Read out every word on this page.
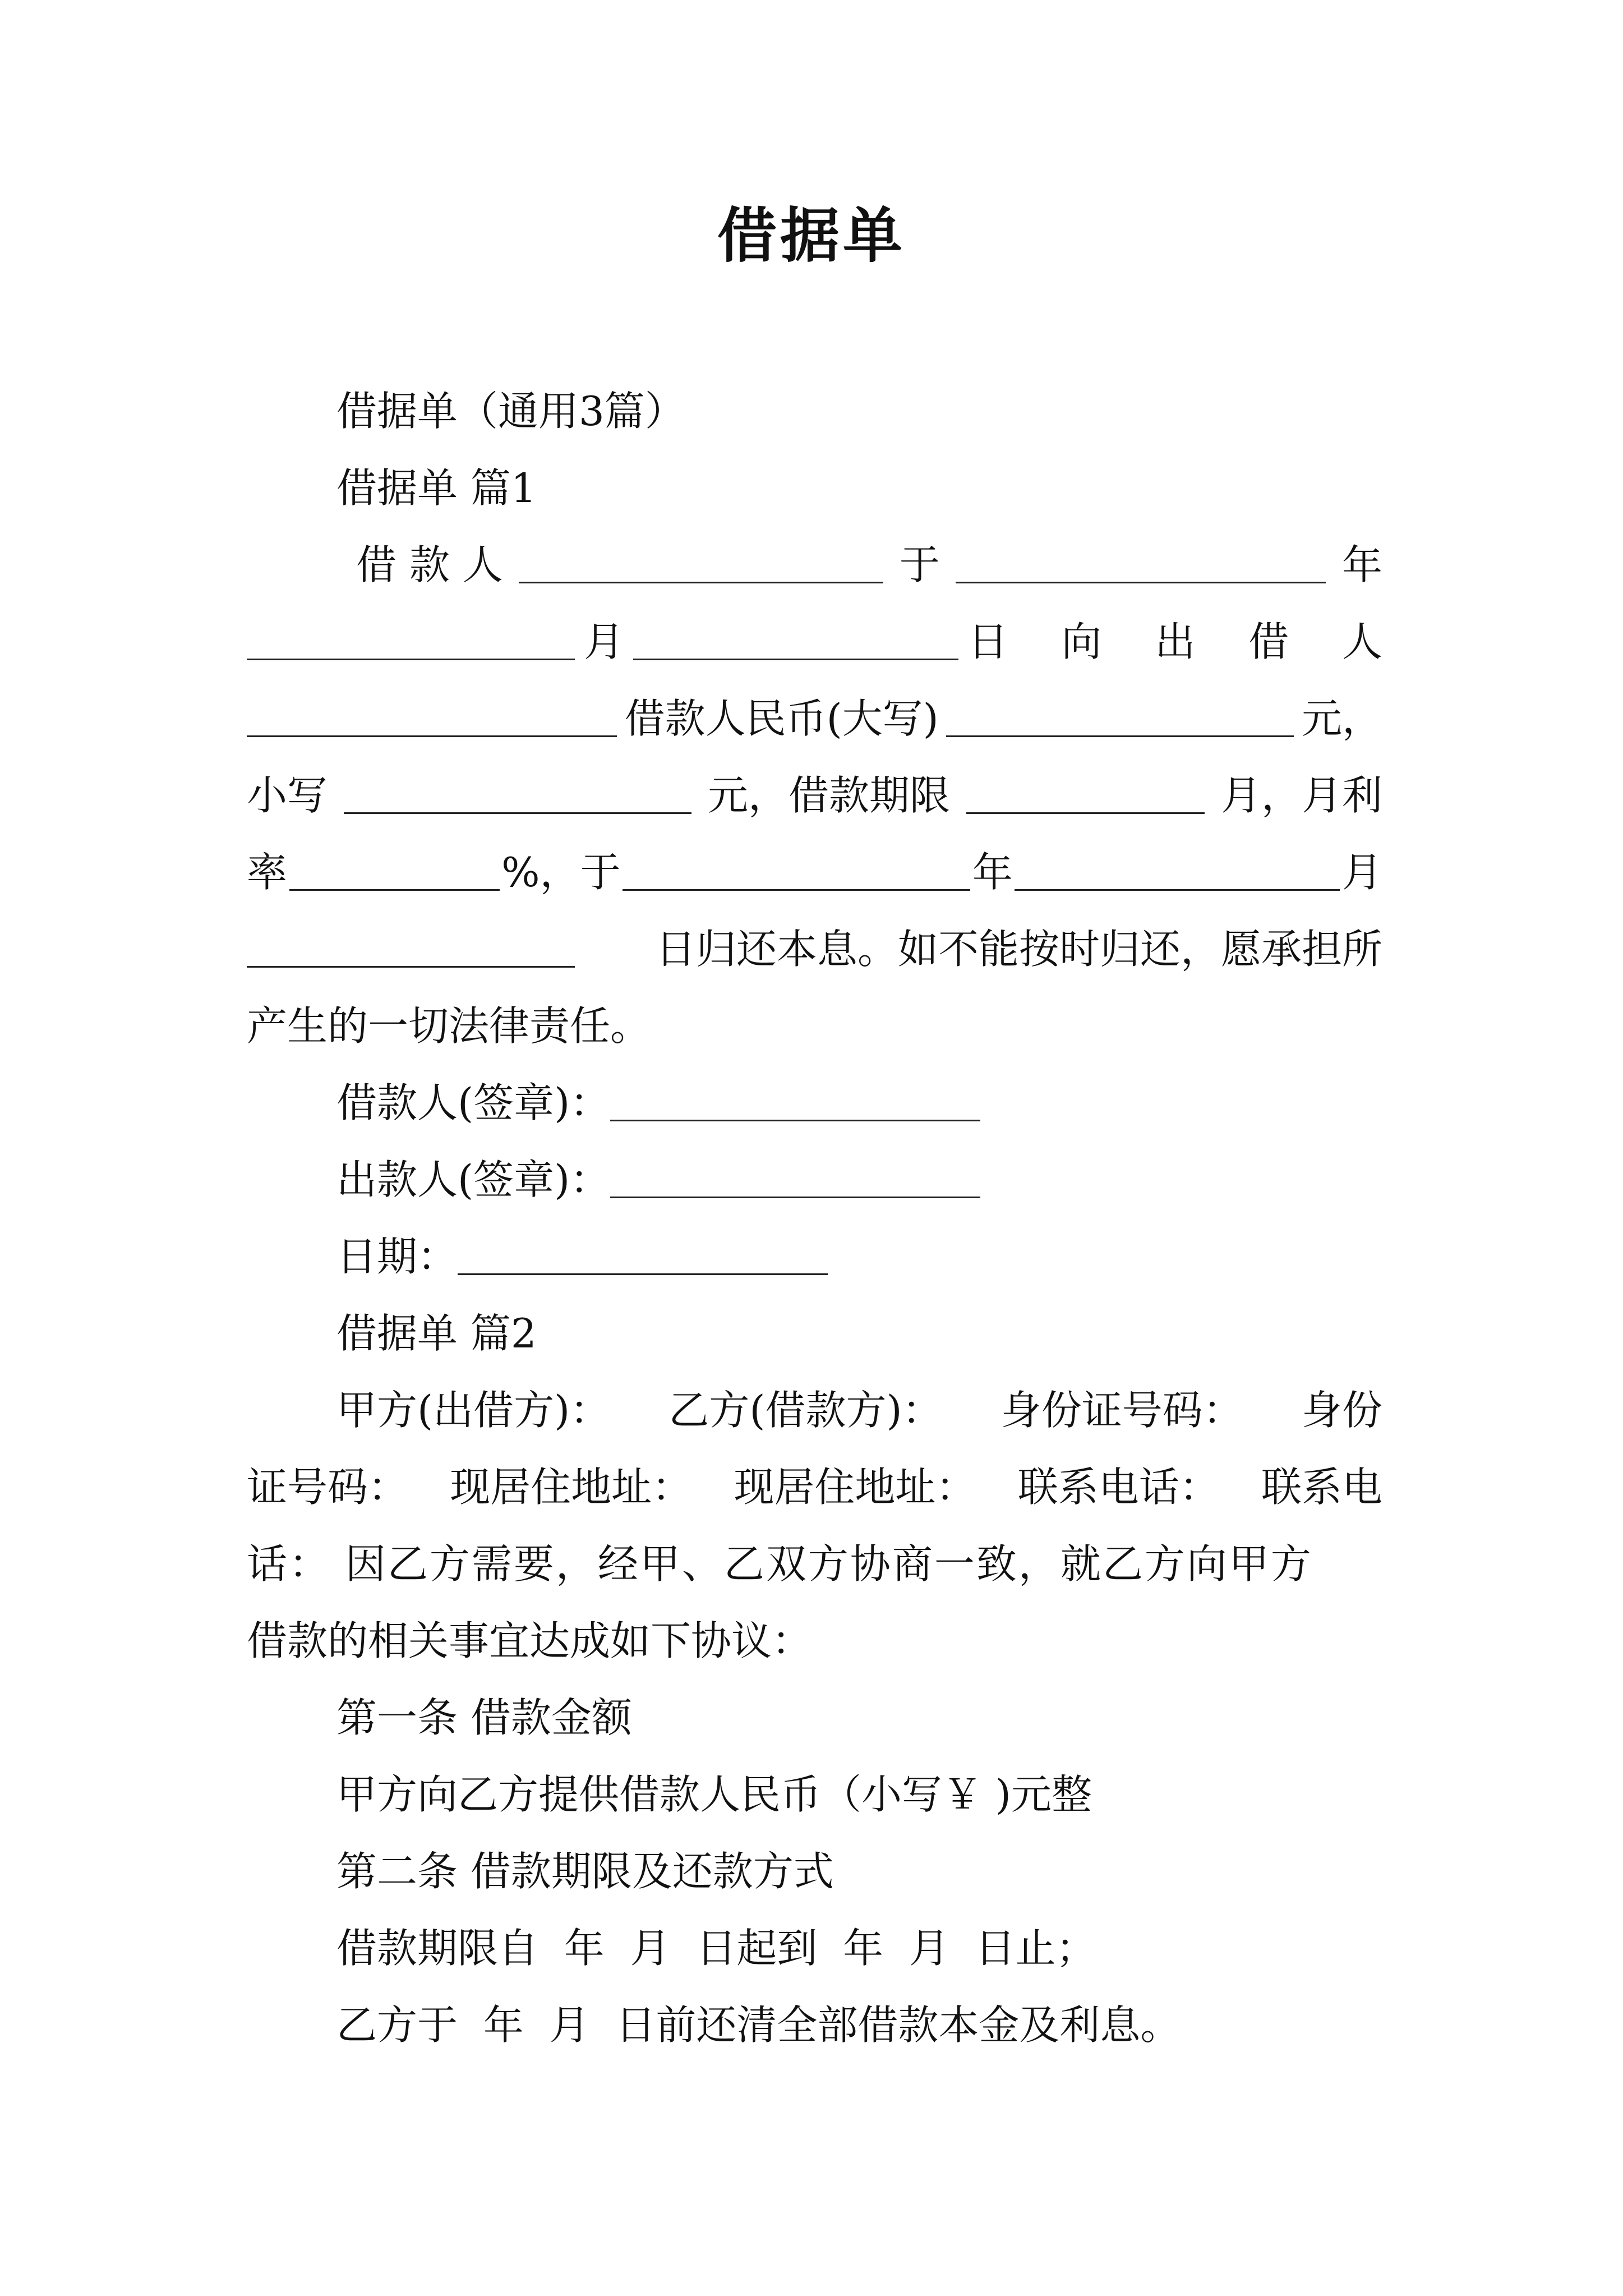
借据单

借据单（通用3篇）

借据单 篇1

借 款 人	于	年
月	日 向 出 借 人
借款人民币(大写)	元，
小写	元，借款期限	月，月利
率	%，于	年	月
日归还本息。如不能按时归还，愿承担所

产生的一切法律责任。

借款人(签章)：

出款人(签章)：

日期：

借据单 篇2

甲方(出借方)： 乙方(借款方)： 身份证号码： 身份
证号码： 现居住地址： 现居住地址： 联系电话： 联系电
话： 因乙方需要，经甲、乙双方协商一致，就乙方向甲方

借款的相关事宜达成如下协议：

第一条 借款金额

甲方向乙方提供借款人民币（小写￥ )元整

第二条 借款期限及还款方式

借款期限自  年  月  日起到  年  月  日止；

乙方于  年  月  日前还清全部借款本金及利息。
